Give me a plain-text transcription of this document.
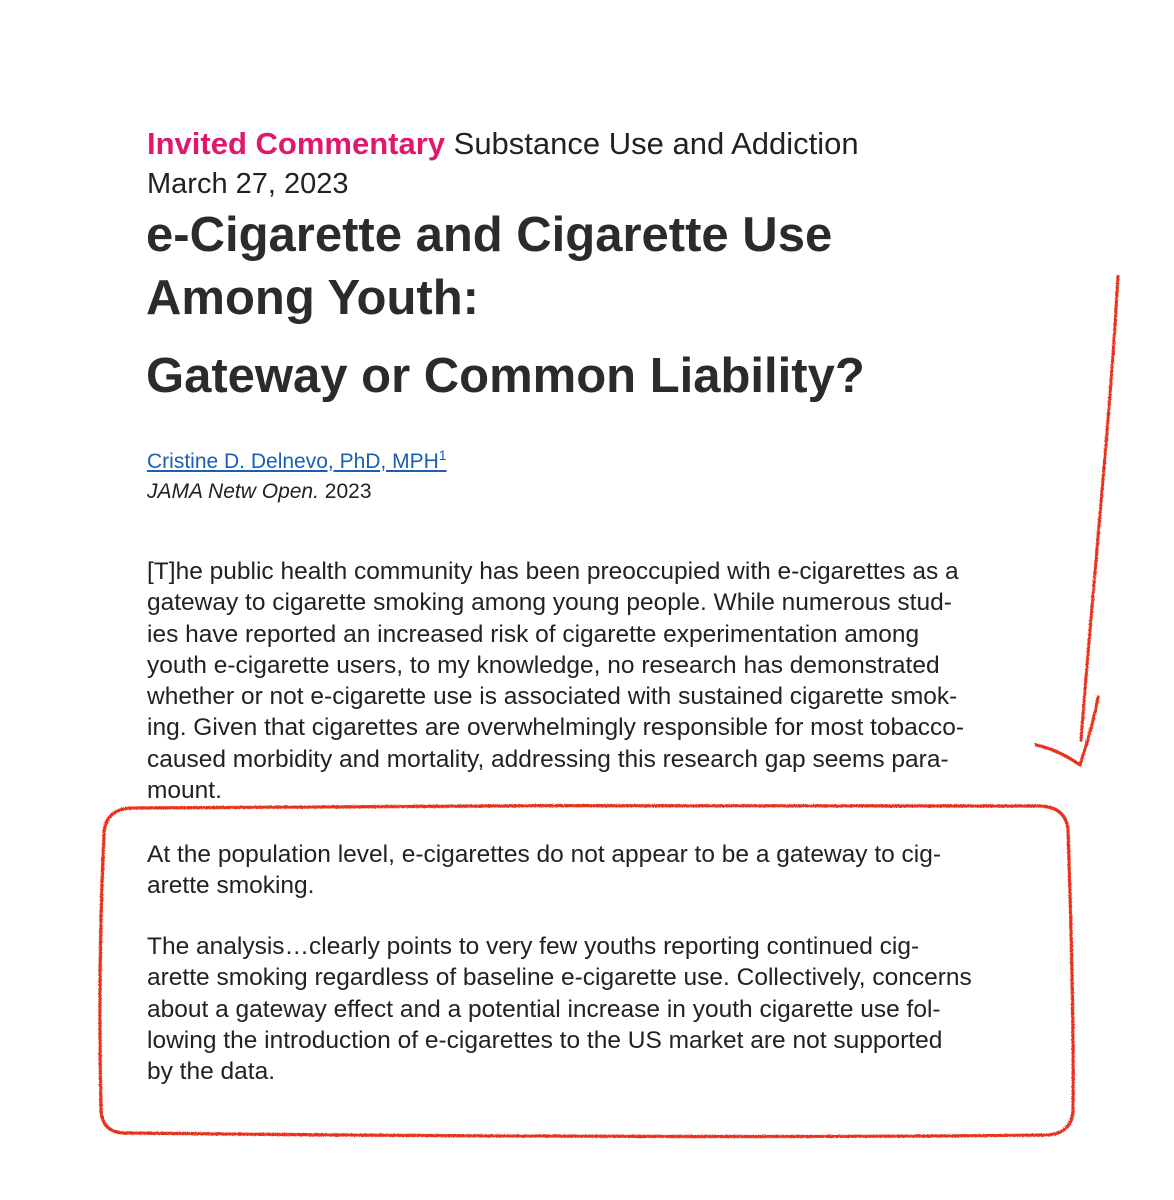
Invited Commentary Substance Use and Addiction
March 27, 2023
e-Cigarette and Cigarette Use
Among Youth:
Gateway or Common Liability?
Cristine D. Delnevo, PhD, MPH$^1$
JAMA Netw Open. 2023

[T]he public health community has been preoccupied with e-cigarettes as a
gateway to cigarette smoking among young people. While numerous stud-
ies have reported an increased risk of cigarette experimentation among
youth e-cigarette users, to my knowledge, no research has demonstrated
whether or not e-cigarette use is associated with sustained cigarette smok-
ing. Given that cigarettes are overwhelmingly responsible for most tobacco-
caused morbidity and mortality, addressing this research gap seems para-
mount.

At the population level, e-cigarettes do not appear to be a gateway to cig-
arette smoking.

The analysis…clearly points to very few youths reporting continued cig-
arette smoking regardless of baseline e-cigarette use. Collectively, concerns
about a gateway effect and a potential increase in youth cigarette use fol-
lowing the introduction of e-cigarettes to the US market are not supported
by the data.
